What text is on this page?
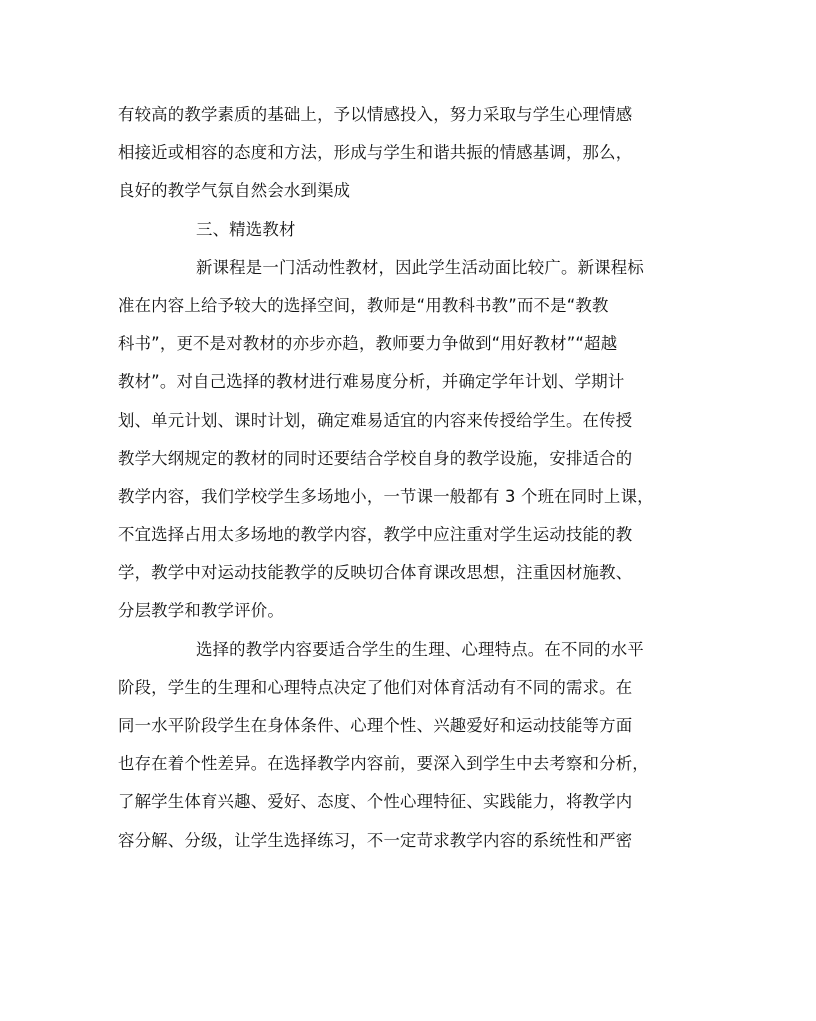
有较高的教学素质的基础上，予以情感投入，努力采取与学生心理情感
相接近或相容的态度和方法，形成与学生和谐共振的情感基调，那么，
良好的教学气氛自然会水到渠成
三、精选教材
新课程是一门活动性教材，因此学生活动面比较广。新课程标
准在内容上给予较大的选择空间，教师是“用教科书教”而不是“教教
科书”，更不是对教材的亦步亦趋，教师要力争做到“用好教材”“超越
教材”。对自己选择的教材进行难易度分析，并确定学年计划、学期计
划、单元计划、课时计划，确定难易适宜的内容来传授给学生。在传授
教学大纲规定的教材的同时还要结合学校自身的教学设施，安排适合的
教学内容，我们学校学生多场地小，一节课一般都有 3 个班在同时上课，
不宜选择占用太多场地的教学内容，教学中应注重对学生运动技能的教
学，教学中对运动技能教学的反映切合体育课改思想，注重因材施教、
分层教学和教学评价。
选择的教学内容要适合学生的生理、心理特点。在不同的水平
阶段，学生的生理和心理特点决定了他们对体育活动有不同的需求。在
同一水平阶段学生在身体条件、心理个性、兴趣爱好和运动技能等方面
也存在着个性差异。在选择教学内容前，要深入到学生中去考察和分析，
了解学生体育兴趣、爱好、态度、个性心理特征、实践能力，将教学内
容分解、分级，让学生选择练习，不一定苛求教学内容的系统性和严密
